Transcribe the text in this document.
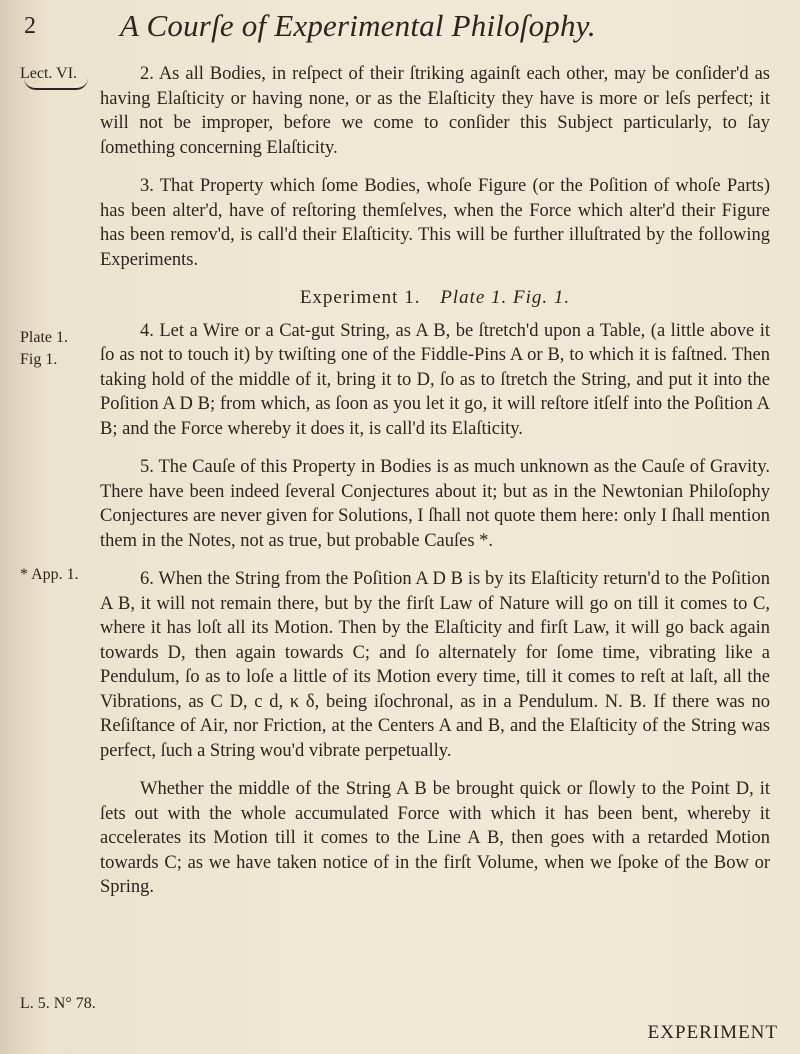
2	A Courſe of Experimental Philoſophy.
Lect. VI.
Plate 1.
Fig 1.
* App. 1.
L. 5. N° 78.

2. As all Bodies, in reſpect of their ſtriking againſt each other, may be conſider'd as having Elaſticity or having none, or as the Elaſticity they have is more or leſs perfect; it will not be improper, before we come to conſider this Subject particularly, to ſay ſomething concerning Elaſticity.

3. That Property which ſome Bodies, whoſe Figure (or the Poſition of whoſe Parts) has been alter'd, have of reſtoring themſelves, when the Force which alter'd their Figure has been remov'd, is call'd their Elaſticity. This will be further illuſtrated by the following Experiments.

Experiment 1. Plate 1. Fig. 1.

4. Let a Wire or a Cat-gut String, as A B, be ſtretch'd upon a Table, (a little above it ſo as not to touch it) by twiſting one of the Fiddle-Pins A or B, to which it is faſtned. Then taking hold of the middle of it, bring it to D, ſo as to ſtretch the String, and put it into the Poſition A D B; from which, as ſoon as you let it go, it will reſtore itſelf into the Poſition A B; and the Force whereby it does it, is call'd its Elaſticity.

5. The Cauſe of this Property in Bodies is as much unknown as the Cauſe of Gravity. There have been indeed ſeveral Conjectures about it; but as in the Newtonian Philoſophy Conjectures are never given for Solutions, I ſhall not quote them here: only I ſhall mention them in the Notes, not as true, but probable Cauſes *.

6. When the String from the Poſition A D B is by its Elaſticity return'd to the Poſition A B, it will not remain there, but by the firſt Law of Nature will go on till it comes to C, where it has loſt all its Motion. Then by the Elaſticity and firſt Law, it will go back again towards D, then again towards C; and ſo alternately for ſome time, vibrating like a Pendulum, ſo as to loſe a little of its Motion every time, till it comes to reſt at laſt, all the Vibrations, as C D, c d, κ δ, being iſochronal, as in a Pendulum. N. B. If there was no Reſiſtance of Air, nor Friction, at the Centers A and B, and the Elaſticity of the String was perfect, ſuch a String wou'd vibrate perpetually.

Whether the middle of the String A B be brought quick or ſlowly to the Point D, it ſets out with the whole accumulated Force with which it has been bent, whereby it accelerates its Motion till it comes to the Line A B, then goes with a retarded Motion towards C; as we have taken notice of in the firſt Volume, when we ſpoke of the Bow or Spring.

EXPERIMENT
